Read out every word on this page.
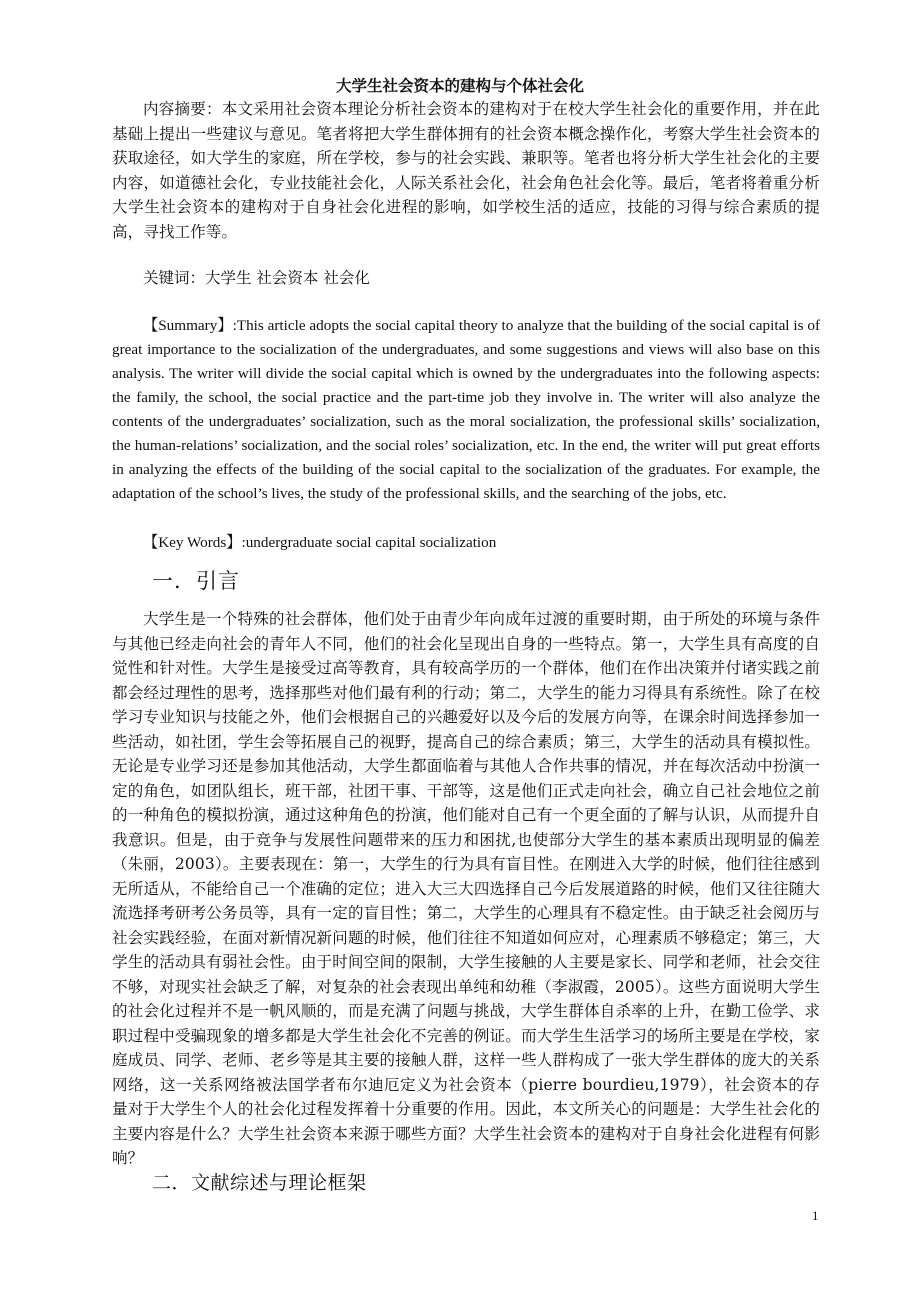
大学生社会资本的建构与个体社会化

内容摘要：本文采用社会资本理论分析社会资本的建构对于在校大学生社会化的重要作用，并在此基础上提出一些建议与意见。笔者将把大学生群体拥有的社会资本概念操作化，考察大学生社会资本的获取途径，如大学生的家庭，所在学校，参与的社会实践、兼职等。笔者也将分析大学生社会化的主要内容，如道德社会化，专业技能社会化，人际关系社会化，社会角色社会化等。最后，笔者将着重分析大学生社会资本的建构对于自身社会化进程的影响，如学校生活的适应，技能的习得与综合素质的提高，寻找工作等。

关键词：大学生 社会资本 社会化

【Summary】:This article adopts the social capital theory to analyze that the building of the social capital is of great importance to the socialization of the undergraduates, and some suggestions and views will also base on this analysis. The writer will divide the social capital which is owned by the undergraduates into the following aspects: the family, the school, the social practice and the part-time job they involve in. The writer will also analyze the contents of the undergraduates’ socialization, such as the moral socialization, the professional skills’ socialization, the human-relations’ socialization, and the social roles’ socialization, etc. In the end, the writer will put great efforts in analyzing the effects of the building of the social capital to the socialization of the graduates. For example, the adaptation of the school’s lives, the study of the professional skills, and the searching of the jobs, etc.

【Key Words】:undergraduate social capital socialization

一．引言

大学生是一个特殊的社会群体，他们处于由青少年向成年过渡的重要时期，由于所处的环境与条件与其他已经走向社会的青年人不同，他们的社会化呈现出自身的一些特点。第一，大学生具有高度的自觉性和针对性。大学生是接受过高等教育，具有较高学历的一个群体，他们在作出决策并付诸实践之前都会经过理性的思考，选择那些对他们最有利的行动；第二，大学生的能力习得具有系统性。除了在校学习专业知识与技能之外，他们会根据自己的兴趣爱好以及今后的发展方向等，在课余时间选择参加一些活动，如社团，学生会等拓展自己的视野，提高自己的综合素质；第三，大学生的活动具有模拟性。无论是专业学习还是参加其他活动，大学生都面临着与其他人合作共事的情况，并在每次活动中扮演一定的角色，如团队组长，班干部，社团干事、干部等，这是他们正式走向社会，确立自己社会地位之前的一种角色的模拟扮演，通过这种角色的扮演，他们能对自己有一个更全面的了解与认识，从而提升自我意识。但是，由于竞争与发展性问题带来的压力和困扰,也使部分大学生的基本素质出现明显的偏差（朱丽，2003）。主要表现在：第一，大学生的行为具有盲目性。在刚进入大学的时候，他们往往感到无所适从，不能给自己一个准确的定位；进入大三大四选择自己今后发展道路的时候，他们又往往随大流选择考研考公务员等，具有一定的盲目性；第二，大学生的心理具有不稳定性。由于缺乏社会阅历与社会实践经验，在面对新情况新问题的时候，他们往往不知道如何应对，心理素质不够稳定；第三，大学生的活动具有弱社会性。由于时间空间的限制，大学生接触的人主要是家长、同学和老师，社会交往不够，对现实社会缺乏了解，对复杂的社会表现出单纯和幼稚（李淑霞，2005）。这些方面说明大学生的社会化过程并不是一帆风顺的，而是充满了问题与挑战，大学生群体自杀率的上升，在勤工俭学、求职过程中受骗现象的增多都是大学生社会化不完善的例证。而大学生生活学习的场所主要是在学校，家庭成员、同学、老师、老乡等是其主要的接触人群，这样一些人群构成了一张大学生群体的庞大的关系网络，这一关系网络被法国学者布尔迪厄定义为社会资本（pierre bourdieu,1979），社会资本的存量对于大学生个人的社会化过程发挥着十分重要的作用。因此，本文所关心的问题是：大学生社会化的主要内容是什么？大学生社会资本来源于哪些方面？大学生社会资本的建构对于自身社会化进程有何影响？

二．文献综述与理论框架
1
